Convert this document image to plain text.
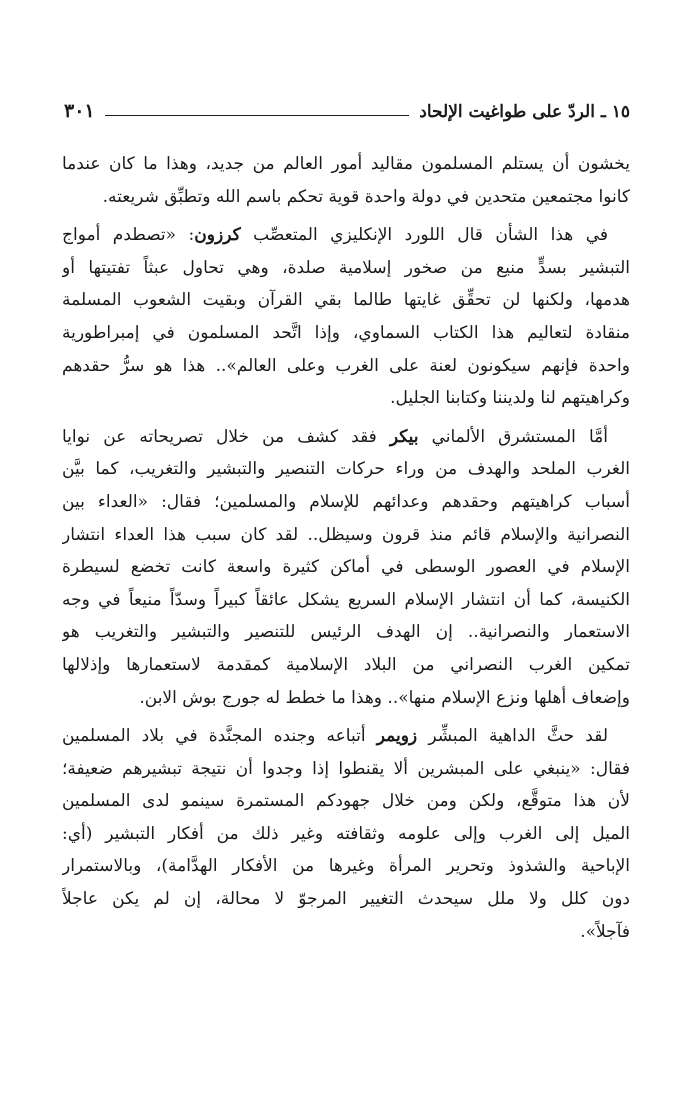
١٥ ـ الردّ على طواغيت الإلحاد
٣٠١
يخشون أن يستلم المسلمون مقاليد أمور العالم من جديد، وهذا ما كان عندما
كانوا مجتمعين متحدين في دولة واحدة قوية تحكم باسم الله وتطبِّق شريعته.
في هذا الشأن قال اللورد الإنكليزي المتعصِّب كرزون: «تصطدم أمواج
التبشير بسدٍّ منيع من صخور إسلامية صلدة، وهي تحاول عبثاً تفتيتها أو
هدمها، ولكنها لن تحقِّق غايتها طالما بقي القرآن وبقيت الشعوب المسلمة
منقادة لتعاليم هذا الكتاب السماوي، وإذا اتَّحد المسلمون في إمبراطورية
واحدة فإنهم سيكونون لعنة على الغرب وعلى العالم».. هذا هو سرُّ حقدهم
وكراهيتهم لنا ولديننا وكتابنا الجليل.
أمَّا المستشرق الألماني بيكر فقد كشف من خلال تصريحاته عن نوايا
الغرب الملحد والهدف من وراء حركات التنصير والتبشير والتغريب، كما بيَّن
أسباب كراهيتهم وحقدهم وعدائهم للإسلام والمسلمين؛ فقال: «العداء بين
النصرانية والإسلام قائم منذ قرون وسيظل.. لقد كان سبب هذا العداء انتشار
الإسلام في العصور الوسطى في أماكن كثيرة واسعة كانت تخضع لسيطرة
الكنيسة، كما أن انتشار الإسلام السريع يشكل عائقاً كبيراً وسدّاً منيعاً في وجه
الاستعمار والنصرانية.. إن الهدف الرئيس للتنصير والتبشير والتغريب هو
تمكين الغرب النصراني من البلاد الإسلامية كمقدمة لاستعمارها وإذلالها
وإضعاف أهلها ونزع الإسلام منها».. وهذا ما خطط له جورج بوش الابن.
لقد حثَّ الداهية المبشِّر زويمر أتباعه وجنده المجنَّدة في بلاد المسلمين
فقال: «ينبغي على المبشرين ألا يقنطوا إذا وجدوا أن نتيجة تبشيرهم ضعيفة؛
لأن هذا متوقَّع، ولكن ومن خلال جهودكم المستمرة سينمو لدى المسلمين
الميل إلى الغرب وإلى علومه وثقافته وغير ذلك من أفكار التبشير (أي:
الإباحية والشذوذ وتحرير المرأة وغيرها من الأفكار الهدَّامة)، وبالاستمرار
دون كلل ولا ملل سيحدث التغيير المرجوّ لا محالة، إن لم يكن عاجلاً
فآجلاً».
